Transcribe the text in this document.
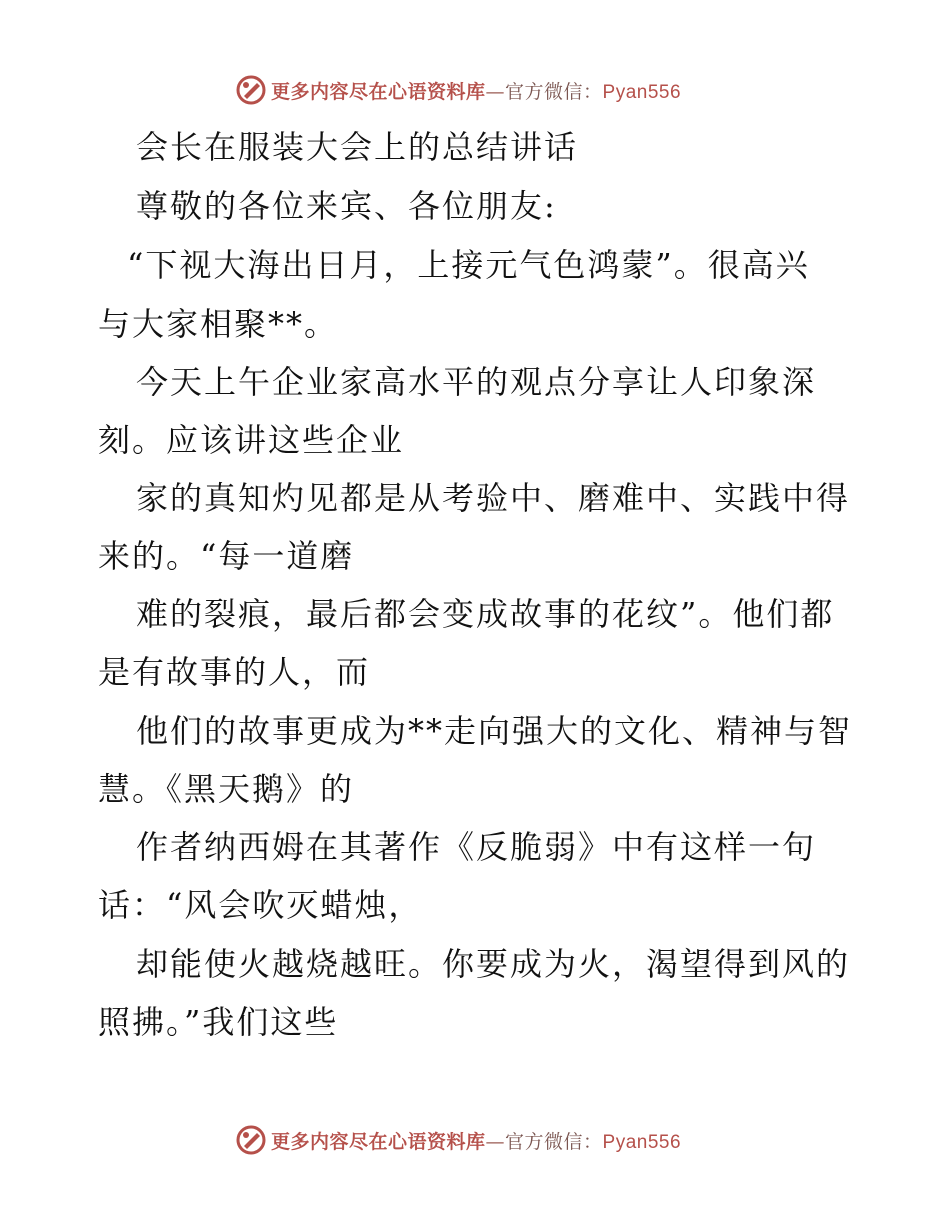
更多内容尽在心语资料库—官方微信：Pyan556
会长在服装大会上的总结讲话
尊敬的各位来宾、各位朋友:
“下视大海出日月，上接元气色鸿蒙”。很高兴
与大家相聚**。
今天上午企业家高水平的观点分享让人印象深
刻。应该讲这些企业
家的真知灼见都是从考验中、磨难中、实践中得
来的。“每一道磨
难的裂痕，最后都会变成故事的花纹”。他们都
是有故事的人，而
他们的故事更成为**走向强大的文化、精神与智
慧。《黑天鹅》的
作者纳西姆在其著作《反脆弱》中有这样一句
话：“风会吹灭蜡烛，
却能使火越烧越旺。你要成为火，渴望得到风的
照拂。”我们这些
更多内容尽在心语资料库—官方微信：Pyan556
